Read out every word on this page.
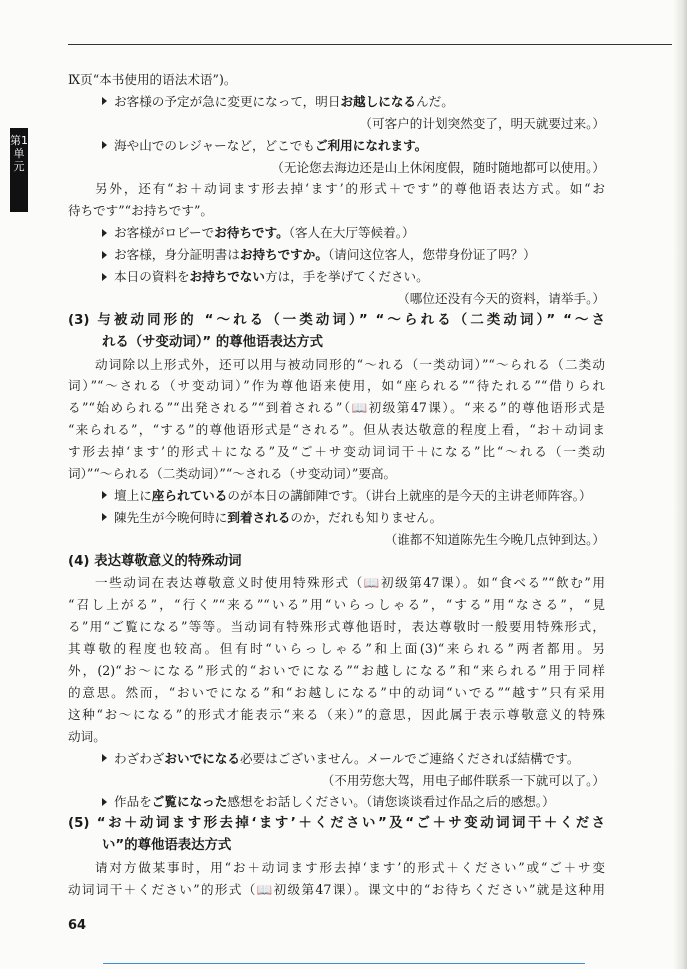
第1单元
Ⅸ页“本书使用的语法术语”)。
お客様の予定が急に変更になって，明日お越しになるんだ。
（可客户的计划突然变了，明天就要过来。）
海や山でのレジャーなど，どこでもご利用になれます。
（无论您去海边还是山上休闲度假，随时随地都可以使用。）
另外，还有“お＋动词ます形去掉‘ます’的形式＋です”的尊他语表达方式。如“お
待ちです”“お持ちです”。
お客様がロビーでお待ちです。（客人在大厅等候着。）
お客様，身分証明書はお持ちですか。（请问这位客人，您带身份证了吗？）
本日の資料をお持ちでない方は，手を挙げてください。
（哪位还没有今天的资料，请举手。）
(3) 与被动同形的 “～れる（一类动词）” “～られる（二类动词）” “～さ
れる（サ变动词）” 的尊他语表达方式
动词除以上形式外，还可以用与被动同形的“～れる（一类动词）”“～られる（二类动
词）”“～される（サ变动词）”作为尊他语来使用，如“座られる”“待たれる”“借りられ
る”“始められる”“出発される”“到着される”（📖初级第47课）。“来る”的尊他语形式是
“来られる”，“する”的尊他语形式是“される”。但从表达敬意的程度上看，“お＋动词ま
す形去掉‘ます’的形式＋になる”及“ご＋サ变动词词干＋になる”比“～れる（一类动
词）”“～られる（二类动词）”“～される（サ变动词）”要高。
壇上に座られているのが本日の講師陣です。（讲台上就座的是今天的主讲老师阵容。）
陳先生が今晩何時に到着されるのか，だれも知りません。
（谁都不知道陈先生今晚几点钟到达。）
(4) 表达尊敬意义的特殊动词
一些动词在表达尊敬意义时使用特殊形式（📖初级第47课）。如“食べる”“飲む”用
“召し上がる”，“行く”“来る”“いる”用“いらっしゃる”，“する”用“なさる”，“見
る”用“ご覧になる”等等。当动词有特殊形式尊他语时，表达尊敬时一般要用特殊形式，
其尊敬的程度也较高。但有时“いらっしゃる”和上面(3)“来られる”两者都用。另
外，(2)“お～になる”形式的“おいでになる”“お越しになる”和“来られる”用于同样
的意思。然而，“おいでになる”和“お越しになる”中的动词“いでる”“越す”只有采用
这种“お～になる”的形式才能表示“来る（来）”的意思，因此属于表示尊敬意义的特殊
动词。
わざわざおいでになる必要はございません。メールでご連絡くだされば結構です。
（不用劳您大驾，用电子邮件联系一下就可以了。）
作品をご覧になった感想をお話しください。（请您谈谈看过作品之后的感想。）
(5) “お＋动词ます形去掉‘ます’＋ください”及“ご＋サ变动词词干＋くださ
い”的尊他语表达方式
请对方做某事时，用“お＋动词ます形去掉‘ます’的形式＋ください”或“ご＋サ变
动词词干＋ください”的形式（📖初级第47课）。课文中的“お待ちください”就是这种用
64
